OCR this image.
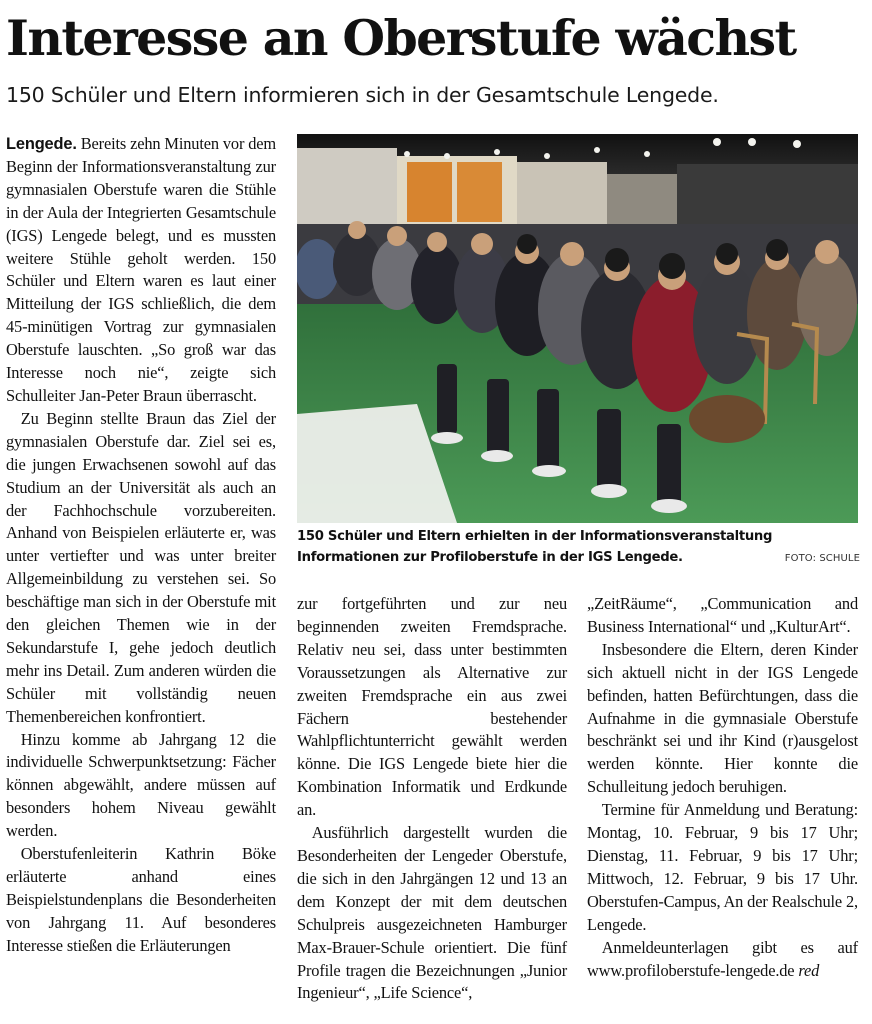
Interesse an Oberstufe wächst

150 Schüler und Eltern informieren sich in der Gesamtschule Lengede.

Lengede. Bereits zehn Minuten vor dem Beginn der Informationsveranstaltung zur gymnasialen Oberstufe waren die Stühle in der Aula der Integrierten Gesamtschule (IGS) Lengede belegt, und es mussten weitere Stühle geholt werden. 150 Schüler und Eltern waren es laut einer Mitteilung der IGS schließlich, die dem 45-minütigen Vortrag zur gymnasialen Oberstufe lauschten. „So groß war das Interesse noch nie“, zeigte sich Schulleiter Jan-Peter Braun überrascht.

Zu Beginn stellte Braun das Ziel der gymnasialen Oberstufe dar. Ziel sei es, die jungen Erwachsenen sowohl auf das Studium an der Universität als auch an der Fachhochschule vorzubereiten. Anhand von Beispielen erläuterte er, was unter vertiefter und was unter breiter Allgemeinbildung zu verstehen sei. So beschäftige man sich in der Oberstufe mit den gleichen Themen wie in der Sekundarstufe I, gehe jedoch deutlich mehr ins Detail. Zum anderen würden die Schüler mit vollständig neuen Themenbereichen konfrontiert.

Hinzu komme ab Jahrgang 12 die individuelle Schwerpunktsetzung: Fächer können abgewählt, andere müssen auf besonders hohem Niveau gewählt werden.

Oberstufenleiterin Kathrin Böke erläuterte anhand eines Beispielstundenplans die Besonderheiten von Jahrgang 11. Auf besonderes Interesse stießen die Erläuterungen

150 Schüler und Eltern erhielten in der Informationsveranstaltung Informationen zur Profiloberstufe in der IGS Lengede.	FOTO: SCHULE

zur fortgeführten und zur neu beginnenden zweiten Fremdsprache. Relativ neu sei, dass unter bestimmten Voraussetzungen als Alternative zur zweiten Fremdsprache ein aus zwei Fächern bestehender Wahlpflichtunterricht gewählt werden könne. Die IGS Lengede biete hier die Kombination Informatik und Erdkunde an.

Ausführlich dargestellt wurden die Besonderheiten der Lengeder Oberstufe, die sich in den Jahrgängen 12 und 13 an dem Konzept der mit dem deutschen Schulpreis ausgezeichneten Hamburger Max-Brauer-Schule orientiert. Die fünf Profile tragen die Bezeichnungen „Junior Ingenieur“, „Life Science“,

„ZeitRäume“, „Communication and Business International“ und „KulturArt“.

Insbesondere die Eltern, deren Kinder sich aktuell nicht in der IGS Lengede befinden, hatten Befürchtungen, dass die Aufnahme in die gymnasiale Oberstufe beschränkt sei und ihr Kind (r)ausgelost werden könnte. Hier konnte die Schulleitung jedoch beruhigen.

Termine für Anmeldung und Beratung: Montag, 10. Februar, 9 bis 17 Uhr; Dienstag, 11. Februar, 9 bis 17 Uhr; Mittwoch, 12. Februar, 9 bis 17 Uhr. Oberstufen-Campus, An der Realschule 2, Lengede.

Anmeldeunterlagen gibt es auf www.profiloberstufe-lengede.de red
